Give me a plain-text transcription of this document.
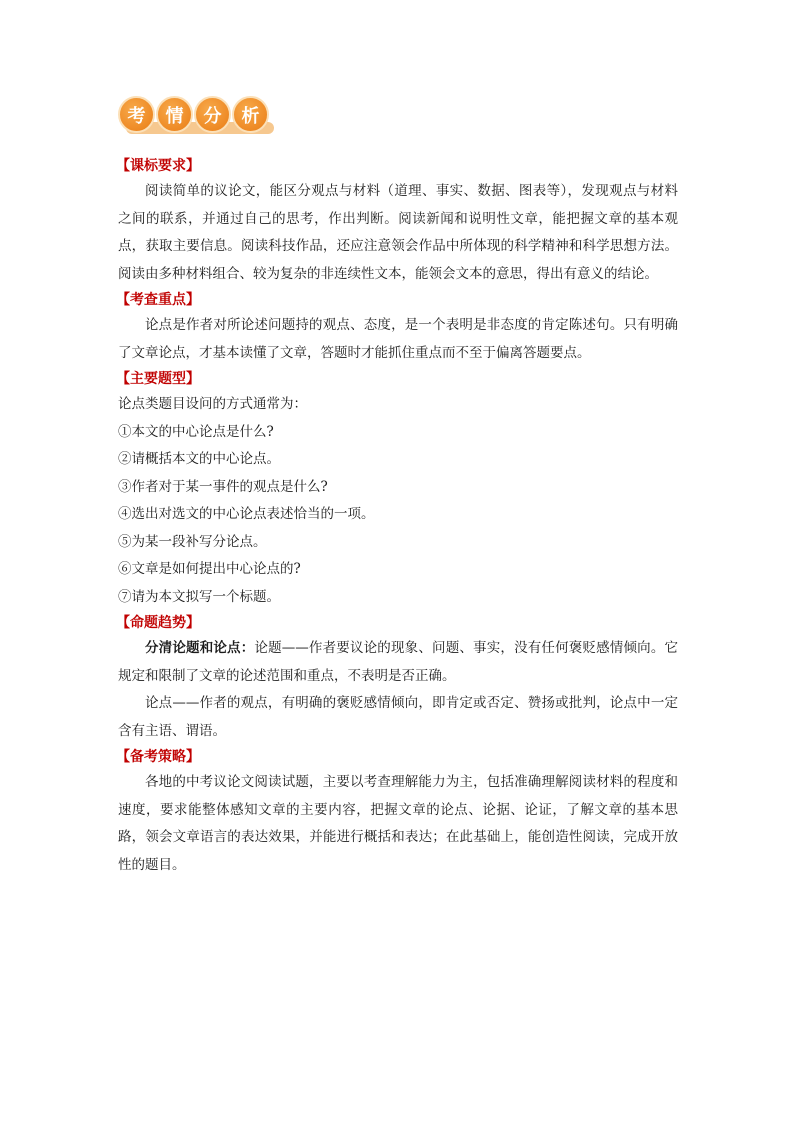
考	情	分	析
【课标要求】

阅读简单的议论文，能区分观点与材料（道理、事实、数据、图表等），发现观点与材料之间的联系，并通过自己的思考，作出判断。阅读新闻和说明性文章，能把握文章的基本观点，获取主要信息。阅读科技作品，还应注意领会作品中所体现的科学精神和科学思想方法。阅读由多种材料组合、较为复杂的非连续性文本，能领会文本的意思，得出有意义的结论。

【考查重点】

论点是作者对所论述问题持的观点、态度，是一个表明是非态度的肯定陈述句。只有明确了文章论点，才基本读懂了文章，答题时才能抓住重点而不至于偏离答题要点。

【主要题型】

论点类题目设问的方式通常为：

①本文的中心论点是什么?

②请概括本文的中心论点。

③作者对于某一事件的观点是什么?

④选出对选文的中心论点表述恰当的一项。

⑤为某一段补写分论点。

⑥文章是如何提出中心论点的?

⑦请为本文拟写一个标题。

【命题趋势】

分清论题和论点：论题——作者要议论的现象、问题、事实，没有任何褒贬感情倾向。它规定和限制了文章的论述范围和重点，不表明是否正确。

论点——作者的观点，有明确的褒贬感情倾向，即肯定或否定、赞扬或批判，论点中一定含有主语、谓语。

【备考策略】

各地的中考议论文阅读试题，主要以考查理解能力为主，包括准确理解阅读材料的程度和速度，要求能整体感知文章的主要内容，把握文章的论点、论据、论证，了解文章的基本思路，领会文章语言的表达效果，并能进行概括和表达；在此基础上，能创造性阅读，完成开放性的题目。
